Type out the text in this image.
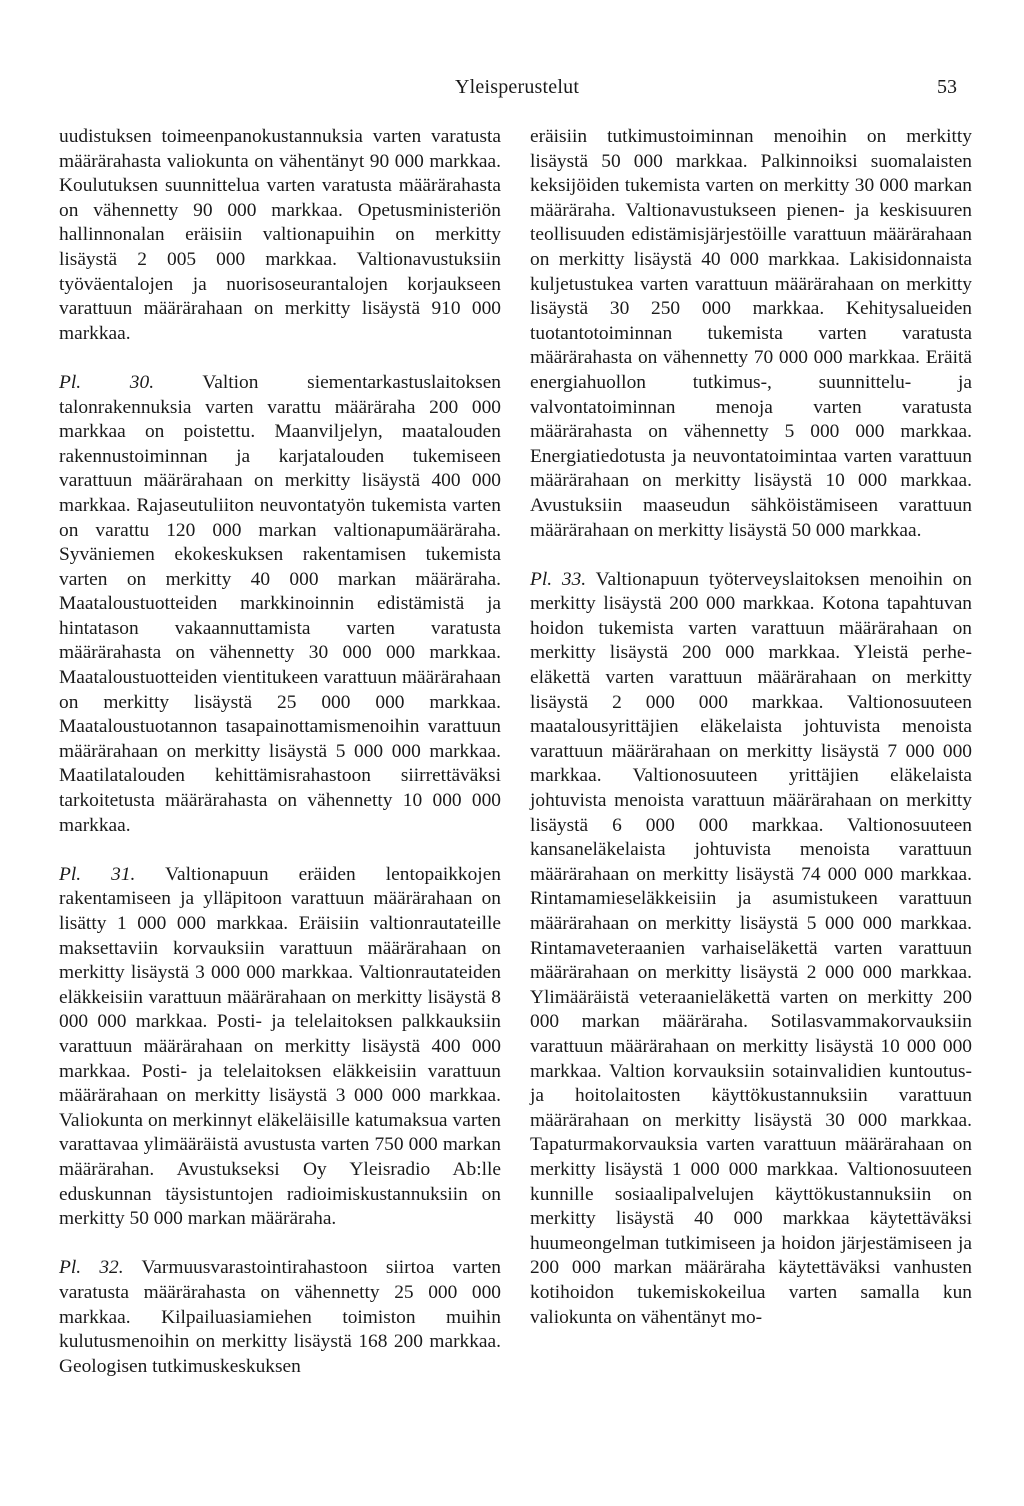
Yleisperustelut	53

uudistuksen toimeenpanokustannuksia varten varatusta määrärahasta valiokunta on vähentänyt 90 000 markkaa. Koulutuksen suunnittelua varten varatusta määrärahasta on vähennetty 90 000 markkaa. Opetusministeriön hallinnonalan eräisiin valtionapuihin on merkitty lisäystä 2 005 000 markkaa. Valtionavustuksiin työväentalojen ja nuorisoseurantalojen korjaukseen varattuun määrärahaan on merkitty lisäystä 910 000 markkaa.

Pl. 30. Valtion siementarkastuslaitoksen talonrakennuksia varten varattu määräraha 200 000 markkaa on poistettu. Maanviljelyn, maatalouden rakennustoiminnan ja karjatalouden tukemiseen varattuun määrärahaan on merkitty lisäystä 400 000 markkaa. Rajaseutuliiton neuvontatyön tukemista varten on varattu 120 000 markan valtionapumääräraha. Syväniemen ekokeskuksen rakentamisen tukemista varten on merkitty 40 000 markan määräraha. Maataloustuotteiden markkinoinnin edistämistä ja hintatason vakaannuttamista varten varatusta määrärahasta on vähennetty 30 000 000 markkaa. Maataloustuotteiden vientitukeen varattuun määrärahaan on merkitty lisäystä 25 000 000 markkaa. Maataloustuotannon tasapainottamismenoihin varattuun määrärahaan on merkitty lisäystä 5 000 000 markkaa. Maatilatalouden kehittämisrahastoon siirrettäväksi tarkoitetusta määrärahasta on vähennetty 10 000 000 markkaa.

Pl. 31. Valtionapuun eräiden lentopaikkojen rakentamiseen ja ylläpitoon varattuun määrärahaan on lisätty 1 000 000 markkaa. Eräisiin valtionrautateille maksettaviin korvauksiin varattuun määrärahaan on merkitty lisäystä 3 000 000 markkaa. Valtionrautateiden eläkkeisiin varattuun määrärahaan on merkitty lisäystä 8 000 000 markkaa. Posti- ja telelaitoksen palkkauksiin varattuun määrärahaan on merkitty lisäystä 400 000 markkaa. Posti- ja telelaitoksen eläkkeisiin varattuun määrärahaan on merkitty lisäystä 3 000 000 markkaa. Valiokunta on merkinnyt eläkeläisille katumaksua varten varattavaa ylimääräistä avustusta varten 750 000 markan määrärahan. Avustukseksi Oy Yleisradio Ab:lle eduskunnan täysistuntojen radioimiskustannuksiin on merkitty 50 000 markan määräraha.

Pl. 32. Varmuusvarastointirahastoon siirtoa varten varatusta määrärahasta on vähennetty 25 000 000 markkaa. Kilpailuasiamiehen toimiston muihin kulutusmenoihin on merkitty lisäystä 168 200 markkaa. Geologisen tutkimuskeskuksen

eräisiin tutkimustoiminnan menoihin on merkitty lisäystä 50 000 markkaa. Palkinnoiksi suomalaisten keksijöiden tukemista varten on merkitty 30 000 markan määräraha. Valtionavustukseen pienen- ja keskisuuren teollisuuden edistämisjärjestöille varattuun määrärahaan on merkitty lisäystä 40 000 markkaa. Lakisidonnaista kuljetustukea varten varattuun määrärahaan on merkitty lisäystä 30 250 000 markkaa. Kehitysalueiden tuotantotoiminnan tukemista varten varatusta määrärahasta on vähennetty 70 000 000 markkaa. Eräitä energiahuollon tutkimus-, suunnittelu- ja valvontatoiminnan menoja varten varatusta määrärahasta on vähennetty 5 000 000 markkaa. Energiatiedotusta ja neuvontatoimintaa varten varattuun määrärahaan on merkitty lisäystä 10 000 markkaa. Avustuksiin maaseudun sähköistämiseen varattuun määrärahaan on merkitty lisäystä 50 000 markkaa.

Pl. 33. Valtionapuun työterveyslaitoksen menoihin on merkitty lisäystä 200 000 markkaa. Kotona tapahtuvan hoidon tukemista varten varattuun määrärahaan on merkitty lisäystä 200 000 markkaa. Yleistä perhe-eläkettä varten varattuun määrärahaan on merkitty lisäystä 2 000 000 markkaa. Valtionosuuteen maatalousyrittäjien eläkelaista johtuvista menoista varattuun määrärahaan on merkitty lisäystä 7 000 000 markkaa. Valtionosuuteen yrittäjien eläkelaista johtuvista menoista varattuun määrärahaan on merkitty lisäystä 6 000 000 markkaa. Valtionosuuteen kansaneläkelaista johtuvista menoista varattuun määrärahaan on merkitty lisäystä 74 000 000 markkaa. Rintamamieseläkkeisiin ja asumistukeen varattuun määrärahaan on merkitty lisäystä 5 000 000 markkaa. Rintamaveteraanien varhaiseläkettä varten varattuun määrärahaan on merkitty lisäystä 2 000 000 markkaa. Ylimääräistä veteraanieläkettä varten on merkitty 200 000 markan määräraha. Sotilasvammakorvauksiin varattuun määrärahaan on merkitty lisäystä 10 000 000 markkaa. Valtion korvauksiin sotainvalidien kuntoutus- ja hoitolaitosten käyttökustannuksiin varattuun määrärahaan on merkitty lisäystä 30 000 markkaa. Tapaturmakorvauksia varten varattuun määrärahaan on merkitty lisäystä 1 000 000 markkaa. Valtionosuuteen kunnille sosiaalipalvelujen käyttökustannuksiin on merkitty lisäystä 40 000 markkaa käytettäväksi huumeongelman tutkimiseen ja hoidon järjestämiseen ja 200 000 markan määräraha käytettäväksi vanhusten kotihoidon tukemiskokeilua varten samalla kun valiokunta on vähentänyt mo-
